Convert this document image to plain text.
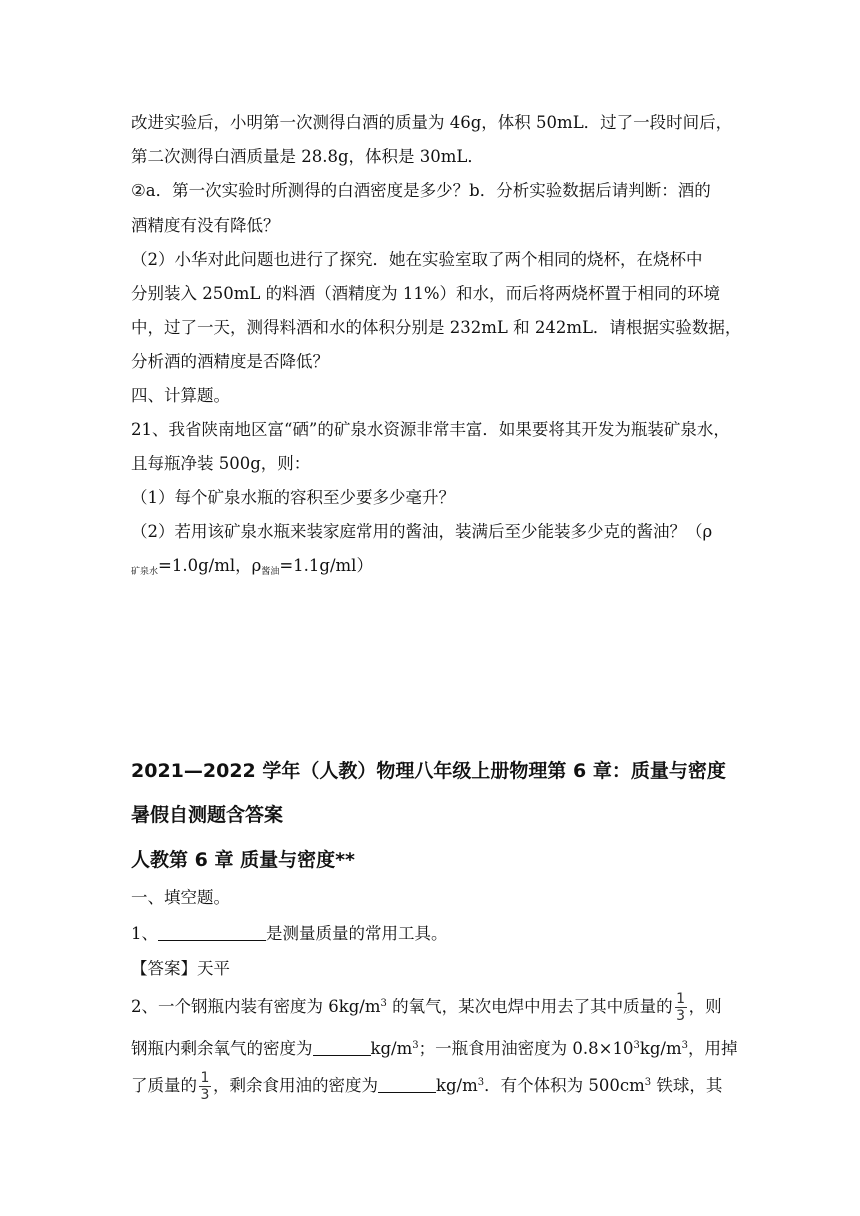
改进实验后，小明第一次测得白酒的质量为 46g，体积 50mL．过了一段时间后，
第二次测得白酒质量是 28.8g，体积是 30mL．
②a．第一次实验时所测得的白酒密度是多少？b．分析实验数据后请判断：酒的
酒精度有没有降低？
（2）小华对此问题也进行了探究．她在实验室取了两个相同的烧杯，在烧杯中
分别装入 250mL 的料酒（酒精度为 11%）和水，而后将两烧杯置于相同的环境
中，过了一天，测得料酒和水的体积分别是 232mL 和 242mL．请根据实验数据，
分析酒的酒精度是否降低？
四、计算题。
21、我省陕南地区富“硒”的矿泉水资源非常丰富．如果要将其开发为瓶装矿泉水，
且每瓶净装 500g，则：
（1）每个矿泉水瓶的容积至少要多少毫升？
（2）若用该矿泉水瓶来装家庭常用的酱油，装满后至少能装多少克的酱油？（ρ
$_{矿泉水}$=1.0g/ml，$\rho_{酱油}=1.1g/ml$）
2021—2022 学年（人教）物理八年级上册物理第 6 章：质量与密度
暑假自测题含答案
人教第 6 章 质量与密度**
一、填空题。
1、	是测量质量的常用工具。
【答案】天平
2、一个钢瓶内装有密度为 $6kg/m^3$ 的氧气，某次电焊中用去了其中质量的 $\frac{1}{3}$ ，则
钢瓶内剩余氧气的密度为	$kg/m^3$；一瓶食用油密度为 $0.8\times 10^3kg/m^3$，用掉
了质量的 $\frac{1}{3}$ ，剩余食用油的密度为	$kg/m^3$．有个体积为 $500cm^3$ 铁球，其
